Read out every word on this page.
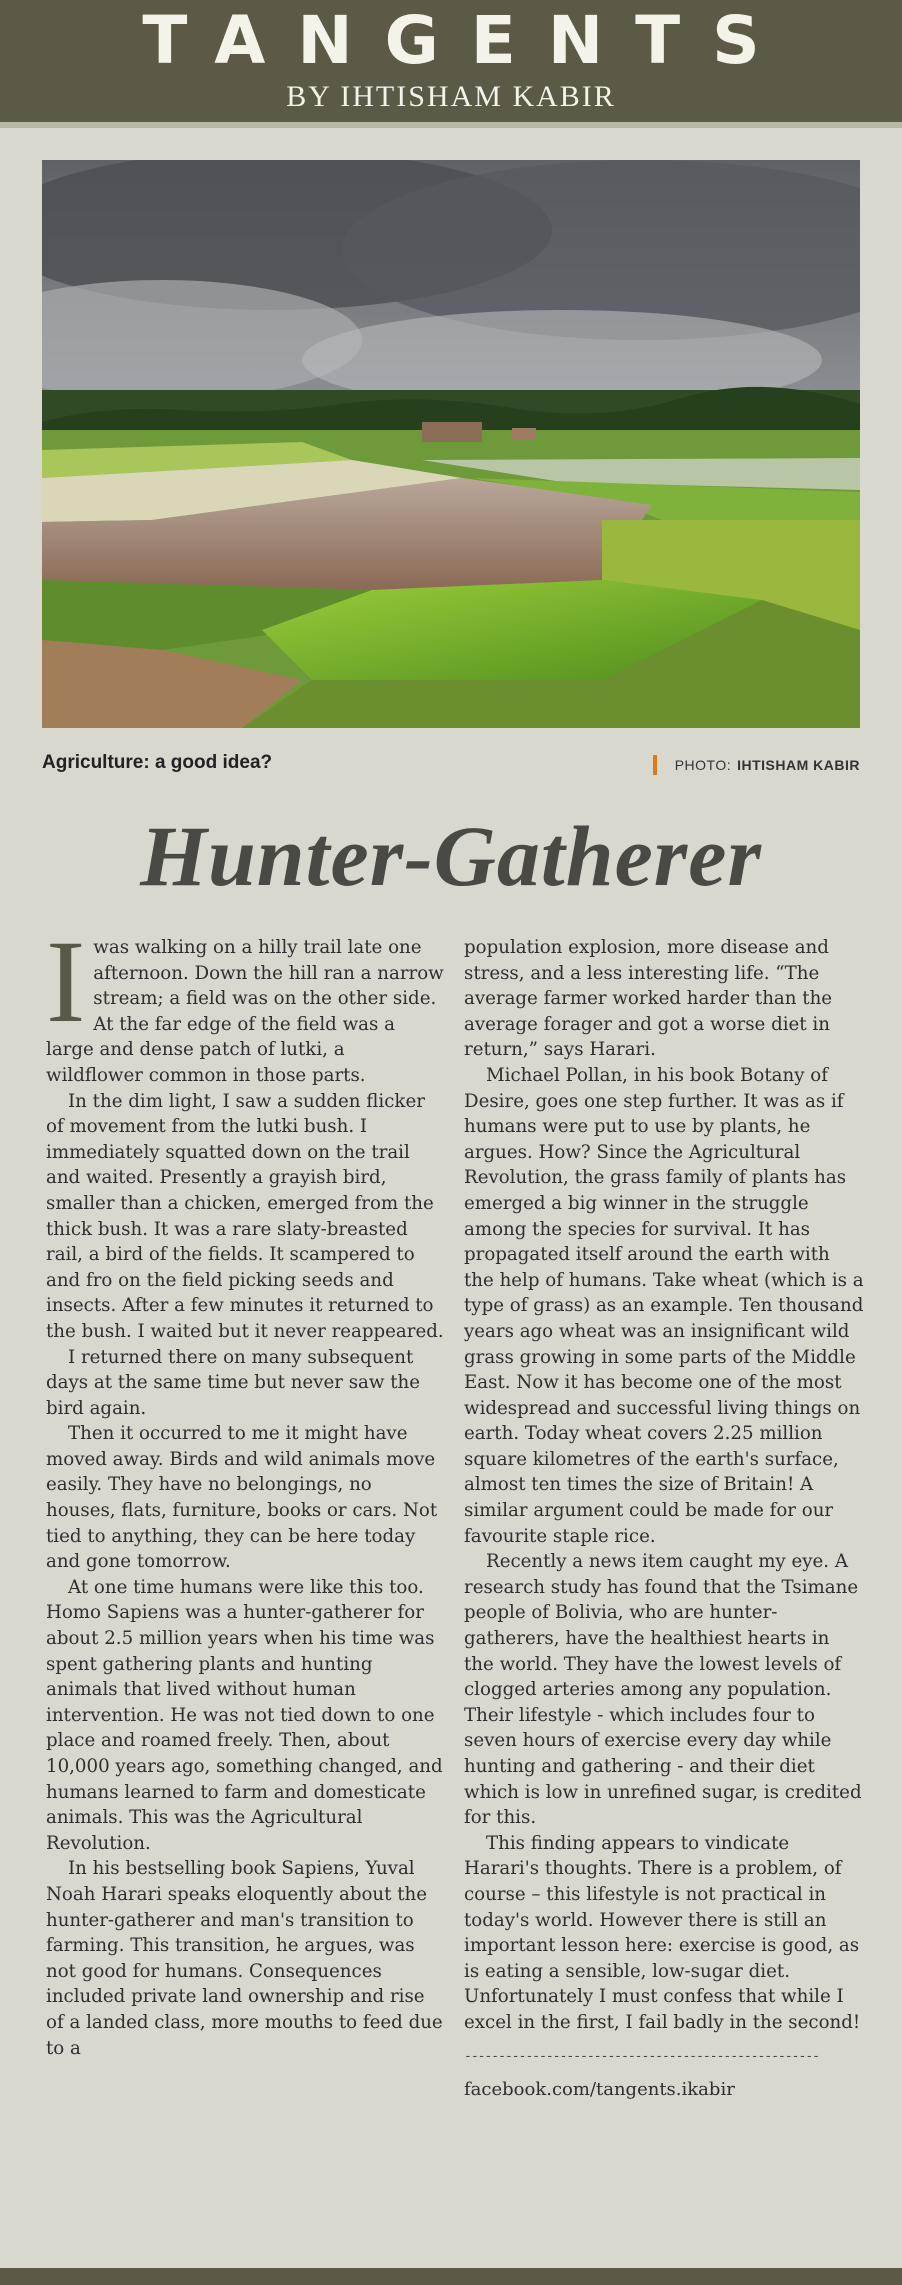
TANGENTS
BY IHTISHAM KABIR
Agriculture: a good idea?	PHOTO: IHTISHAM KABIR
Hunter-Gatherer

I was walking on a hilly trail late one afternoon. Down the hill ran a narrow stream; a field was on the other side. At the far edge of the field was a large and dense patch of lutki, a wildflower common in those parts.

In the dim light, I saw a sudden flicker of movement from the lutki bush. I immediately squatted down on the trail and waited. Presently a grayish bird, smaller than a chicken, emerged from the thick bush. It was a rare slaty-breasted rail, a bird of the fields. It scampered to and fro on the field picking seeds and insects. After a few minutes it returned to the bush. I waited but it never reappeared.

I returned there on many subsequent days at the same time but never saw the bird again.

Then it occurred to me it might have moved away. Birds and wild animals move easily. They have no belongings, no houses, flats, furniture, books or cars. Not tied to anything, they can be here today and gone tomorrow.

At one time humans were like this too. Homo Sapiens was a hunter-gatherer for about 2.5 million years when his time was spent gathering plants and hunting animals that lived without human intervention. He was not tied down to one place and roamed freely. Then, about 10,000 years ago, something changed, and humans learned to farm and domesticate animals. This was the Agricultural Revolution.

In his bestselling book Sapiens, Yuval Noah Harari speaks eloquently about the hunter-gatherer and man's transition to farming. This transition, he argues, was not good for humans. Consequences included private land ownership and rise of a landed class, more mouths to feed due to a

population explosion, more disease and stress, and a less interesting life. “The average farmer worked harder than the average forager and got a worse diet in return,” says Harari.

Michael Pollan, in his book Botany of Desire, goes one step further. It was as if humans were put to use by plants, he argues. How? Since the Agricultural Revolution, the grass family of plants has emerged a big winner in the struggle among the species for survival. It has propagated itself around the earth with the help of humans. Take wheat (which is a type of grass) as an example. Ten thousand years ago wheat was an insignificant wild grass growing in some parts of the Middle East. Now it has become one of the most widespread and successful living things on earth. Today wheat covers 2.25 million square kilometres of the earth's surface, almost ten times the size of Britain! A similar argument could be made for our favourite staple rice.

Recently a news item caught my eye. A research study has found that the Tsimane people of Bolivia, who are hunter-gatherers, have the healthiest hearts in the world. They have the lowest levels of clogged arteries among any population. Their lifestyle - which includes four to seven hours of exercise every day while hunting and gathering - and their diet which is low in unrefined sugar, is credited for this.

This finding appears to vindicate Harari's thoughts. There is a problem, of course – this lifestyle is not practical in today's world. However there is still an important lesson here: exercise is good, as is eating a sensible, low-sugar diet. Unfortunately I must confess that while I excel in the first, I fail badly in the second!

----------------------------------------------------
facebook.com/tangents.ikabir
